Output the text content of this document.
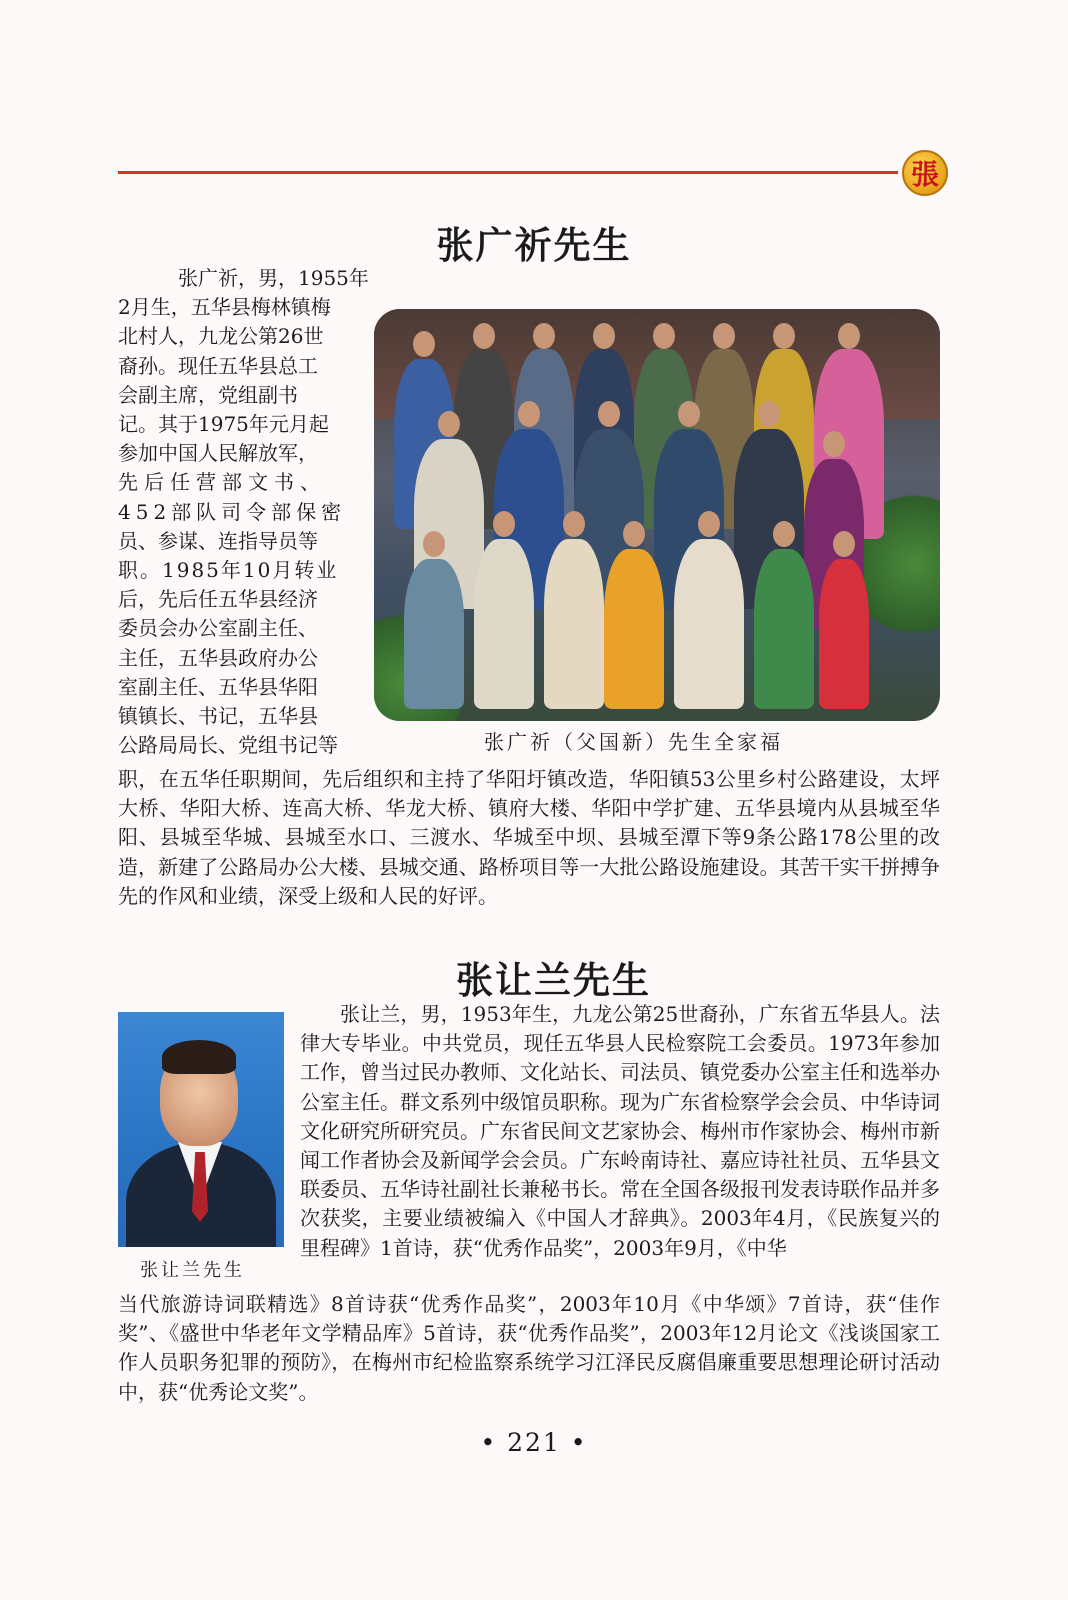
張
张广祈先生

张广祈，男，1955年

2月生，五华县梅林镇梅

北村人，九龙公第26世

裔孙。现任五华县总工

会副主席，党组副书

记。其于1975年元月起

参加中国人民解放军，

先后任营部文书、

452部队司令部保密

员、参谋、连指导员等

职。1985年10月转业

后，先后任五华县经济

委员会办公室副主任、

主任，五华县政府办公

室副主任、五华县华阳

镇镇长、书记，五华县

公路局局长、党组书记等	张广祈（父国新）先生全家福
职，在五华任职期间，先后组织和主持了华阳圩镇改造，华阳镇53公里乡村公路建设，太坪大桥、华阳大桥、连高大桥、华龙大桥、镇府大楼、华阳中学扩建、五华县境内从县城至华阳、县城至华城、县城至水口、三渡水、华城至中坝、县城至潭下等9条公路178公里的改造，新建了公路局办公大楼、县城交通、路桥项目等一大批公路设施建设。其苦干实干拼搏争先的作风和业绩，深受上级和人民的好评。
张让兰先生
张让兰先生
张让兰，男，1953年生，九龙公第25世裔孙，广东省五华县人。法律大专毕业。中共党员，现任五华县人民检察院工会委员。1973年参加工作，曾当过民办教师、文化站长、司法员、镇党委办公室主任和选举办公室主任。群文系列中级馆员职称。现为广东省检察学会会员、中华诗词文化研究所研究员。广东省民间文艺家协会、梅州市作家协会、梅州市新闻工作者协会及新闻学会会员。广东岭南诗社、嘉应诗社社员、五华县文联委员、五华诗社副社长兼秘书长。常在全国各级报刊发表诗联作品并多次获奖，主要业绩被编入《中国人才辞典》。2003年4月，《民族复兴的里程碑》1首诗，获“优秀作品奖”，2003年9月，《中华
当代旅游诗词联精选》8首诗获“优秀作品奖”，2003年10月《中华颂》7首诗，获“佳作奖”、《盛世中华老年文学精品库》5首诗，获“优秀作品奖”，2003年12月论文《浅谈国家工作人员职务犯罪的预防》，在梅州市纪检监察系统学习江泽民反腐倡廉重要思想理论研讨活动中，获“优秀论文奖”。
• 221 •
